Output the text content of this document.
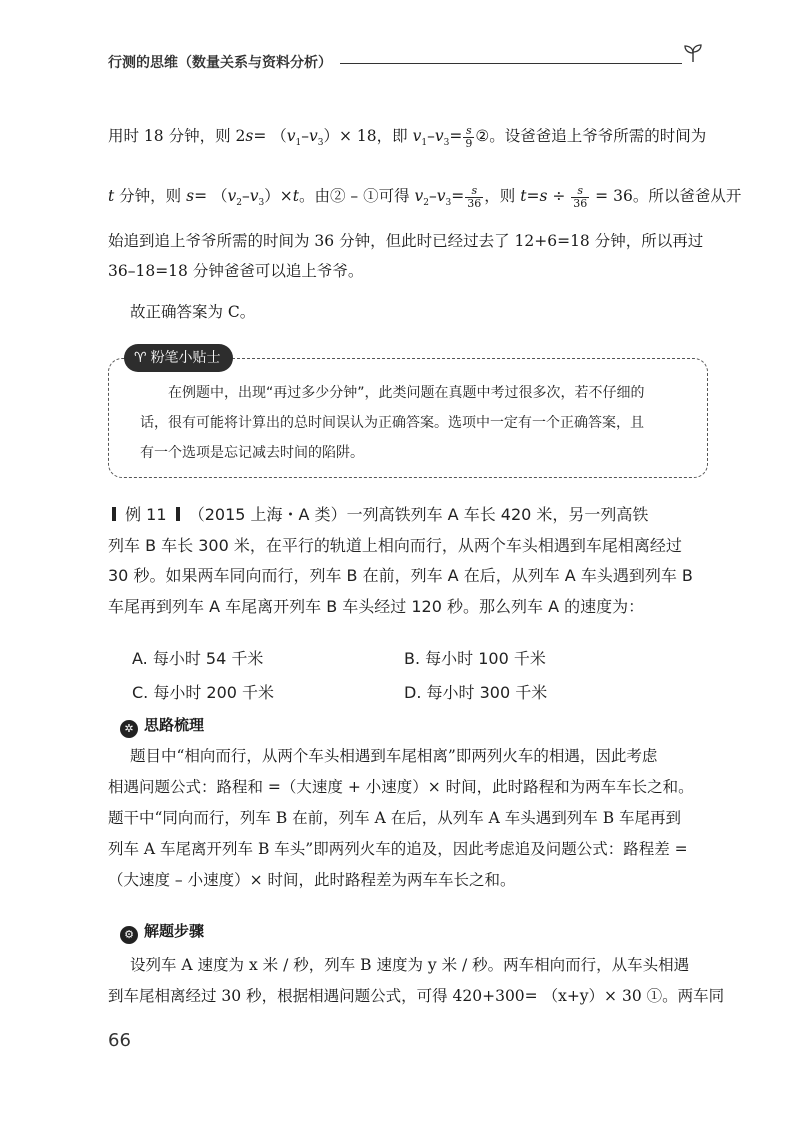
行测的思维（数量关系与资料分析）
用时 18 分钟，则 $2s= (v_1-v_3)\times 18$，即 $v_1-v_3= \frac{s}{9}$ ②。设爸爸追上爷爷所需的时间为
t 分钟，则 $s= (v_2-v_3)\times t$。由② – ①可得 $v_2-v_3= \frac{s}{36}$ ，则 $t=s \div \frac{s}{36} = 36$。所以爸爸从开
始追到追上爷爷所需的时间为 36 分钟，但此时已经过去了 12+6=18 分钟，所以再过
36–18=18 分钟爸爸可以追上爷爷。
故正确答案为 C。
♈ 粉笔小贴士
在例题中，出现“再过多少分钟”，此类问题在真题中考过很多次，若不仔细的
话，很有可能将计算出的总时间误认为正确答案。选项中一定有一个正确答案，且
有一个选项是忘记减去时间的陷阱。
例 11 （2015 上海・A 类）一列高铁列车 A 车长 420 米，另一列高铁
列车 B 车长 300 米，在平行的轨道上相向而行，从两个车头相遇到车尾相离经过
30 秒。如果两车同向而行，列车 B 在前，列车 A 在后，从列车 A 车头遇到列车 B
车尾再到列车 A 车尾离开列车 B 车头经过 120 秒。那么列车 A 的速度为：
A. 每小时 54 千米	B. 每小时 100 千米
C. 每小时 200 千米	D. 每小时 300 千米
✲ 思路梳理
题目中“相向而行，从两个车头相遇到车尾相离”即两列火车的相遇，因此考虑
相遇问题公式：路程和 =（大速度 + 小速度）× 时间，此时路程和为两车车长之和。
题干中“同向而行，列车 B 在前，列车 A 在后，从列车 A 车头遇到列车 B 车尾再到
列车 A 车尾离开列车 B 车头”即两列火车的追及，因此考虑追及问题公式：路程差 =
（大速度 – 小速度）× 时间，此时路程差为两车车长之和。
⚙ 解题步骤
设列车 A 速度为 x 米 / 秒，列车 B 速度为 y 米 / 秒。两车相向而行，从车头相遇
到车尾相离经过 30 秒，根据相遇问题公式，可得 420+300= （x+y）× 30 ①。两车同
66
